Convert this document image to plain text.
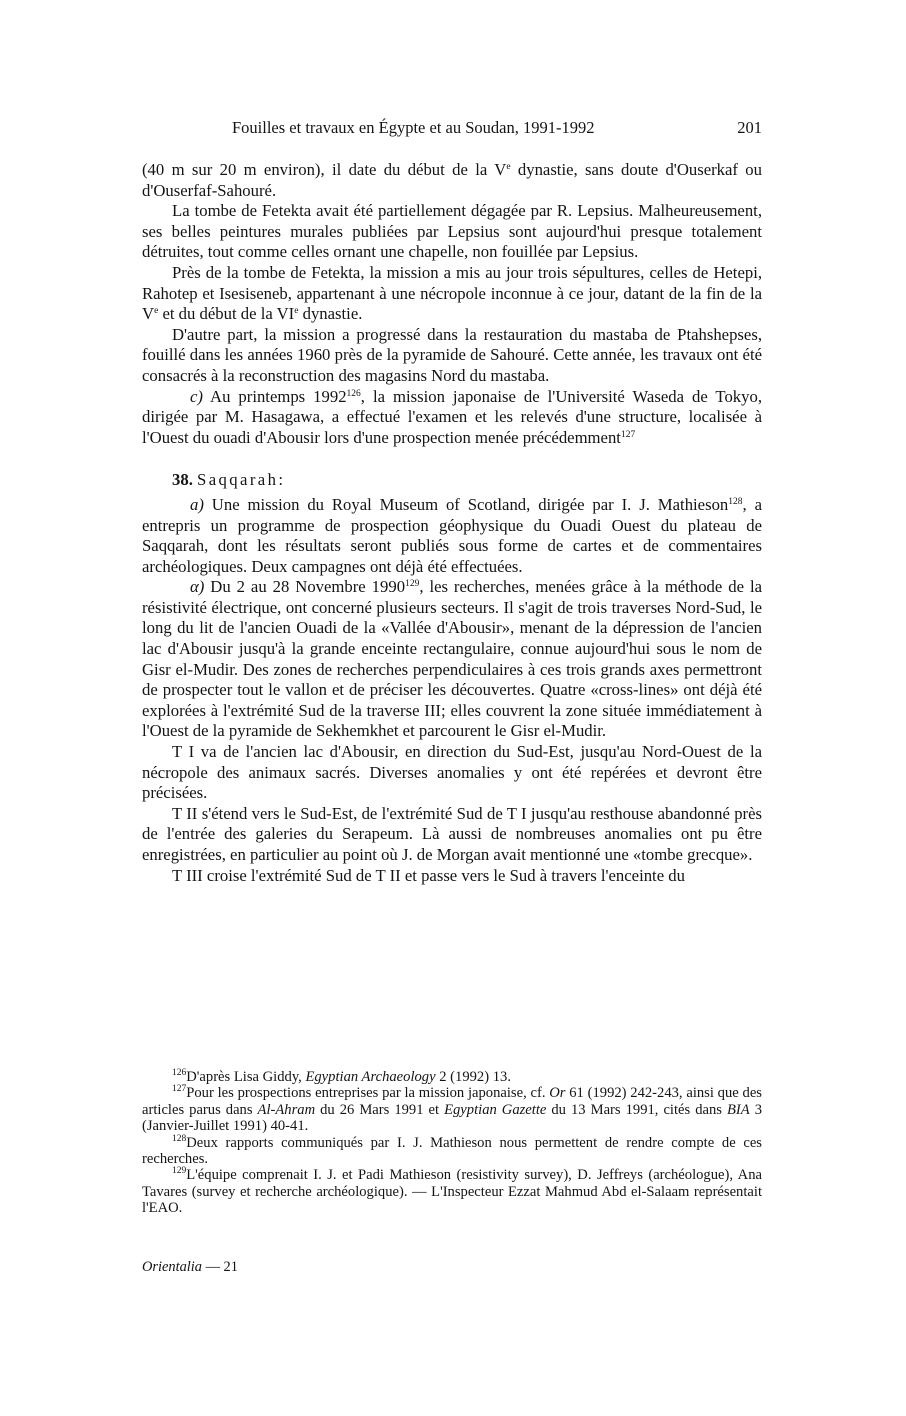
Fouilles et travaux en Égypte et au Soudan, 1991-1992	201

(40 m sur 20 m environ), il date du début de la Ve dynastie, sans doute d'Ouserkaf ou d'Ouserfaf-Sahouré.

La tombe de Fetekta avait été partiellement dégagée par R. Lepsius. Malheureusement, ses belles peintures murales publiées par Lepsius sont aujourd'hui presque totalement détruites, tout comme celles ornant une chapelle, non fouillée par Lepsius.

Près de la tombe de Fetekta, la mission a mis au jour trois sépultures, celles de Hetepi, Rahotep et Isesiseneb, appartenant à une nécropole inconnue à ce jour, datant de la fin de la Ve et du début de la VIe dynastie.

D'autre part, la mission a progressé dans la restauration du mastaba de Ptahshepses, fouillé dans les années 1960 près de la pyramide de Sahouré. Cette année, les travaux ont été consacrés à la reconstruction des magasins Nord du mastaba.

c) Au printemps 1992$^{126}$, la mission japonaise de l'Université Waseda de Tokyo, dirigée par M. Hasagawa, a effectué l'examen et les relevés d'une structure, localisée à l'Ouest du ouadi d'Abousir lors d'une prospection menée précédemment$^{127}$

38. Saqqarah:

a) Une mission du Royal Museum of Scotland, dirigée par I. J. Mathieson$^{128}$, a entrepris un programme de prospection géophysique du Ouadi Ouest du plateau de Saqqarah, dont les résultats seront publiés sous forme de cartes et de commentaires archéologiques. Deux campagnes ont déjà été effectuées.

α) Du 2 au 28 Novembre 1990$^{129}$, les recherches, menées grâce à la méthode de la résistivité électrique, ont concerné plusieurs secteurs. Il s'agit de trois traverses Nord-Sud, le long du lit de l'ancien Ouadi de la «Vallée d'Abousir», menant de la dépression de l'ancien lac d'Abousir jusqu'à la grande enceinte rectangulaire, connue aujourd'hui sous le nom de Gisr el-Mudir. Des zones de recherches perpendiculaires à ces trois grands axes permettront de prospecter tout le vallon et de préciser les découvertes. Quatre «cross-lines» ont déjà été explorées à l'extrémité Sud de la traverse III; elles couvrent la zone située immédiatement à l'Ouest de la pyramide de Sekhemkhet et parcourent le Gisr el-Mudir.

T I va de l'ancien lac d'Abousir, en direction du Sud-Est, jusqu'au Nord-Ouest de la nécropole des animaux sacrés. Diverses anomalies y ont été repérées et devront être précisées.

T II s'étend vers le Sud-Est, de l'extrémité Sud de T I jusqu'au resthouse abandonné près de l'entrée des galeries du Serapeum. Là aussi de nombreuses anomalies ont pu être enregistrées, en particulier au point où J. de Morgan avait mentionné une «tombe grecque».

T III croise l'extrémité Sud de T II et passe vers le Sud à travers l'enceinte du

$^{126}$D'après Lisa Giddy, Egyptian Archaeology 2 (1992) 13.

$^{127}$Pour les prospections entreprises par la mission japonaise, cf. Or 61 (1992) 242-243, ainsi que des articles parus dans Al-Ahram du 26 Mars 1991 et Egyptian Gazette du 13 Mars 1991, cités dans BIA 3 (Janvier-Juillet 1991) 40-41.

$^{128}$Deux rapports communiqués par I. J. Mathieson nous permettent de rendre compte de ces recherches.

$^{129}$L'équipe comprenait I. J. et Padi Mathieson (resistivity survey), D. Jeffreys (archéologue), Ana Tavares (survey et recherche archéologique). — L'Inspecteur Ezzat Mahmud Abd el-Salaam représentait l'EAO.

Orientalia — 21
